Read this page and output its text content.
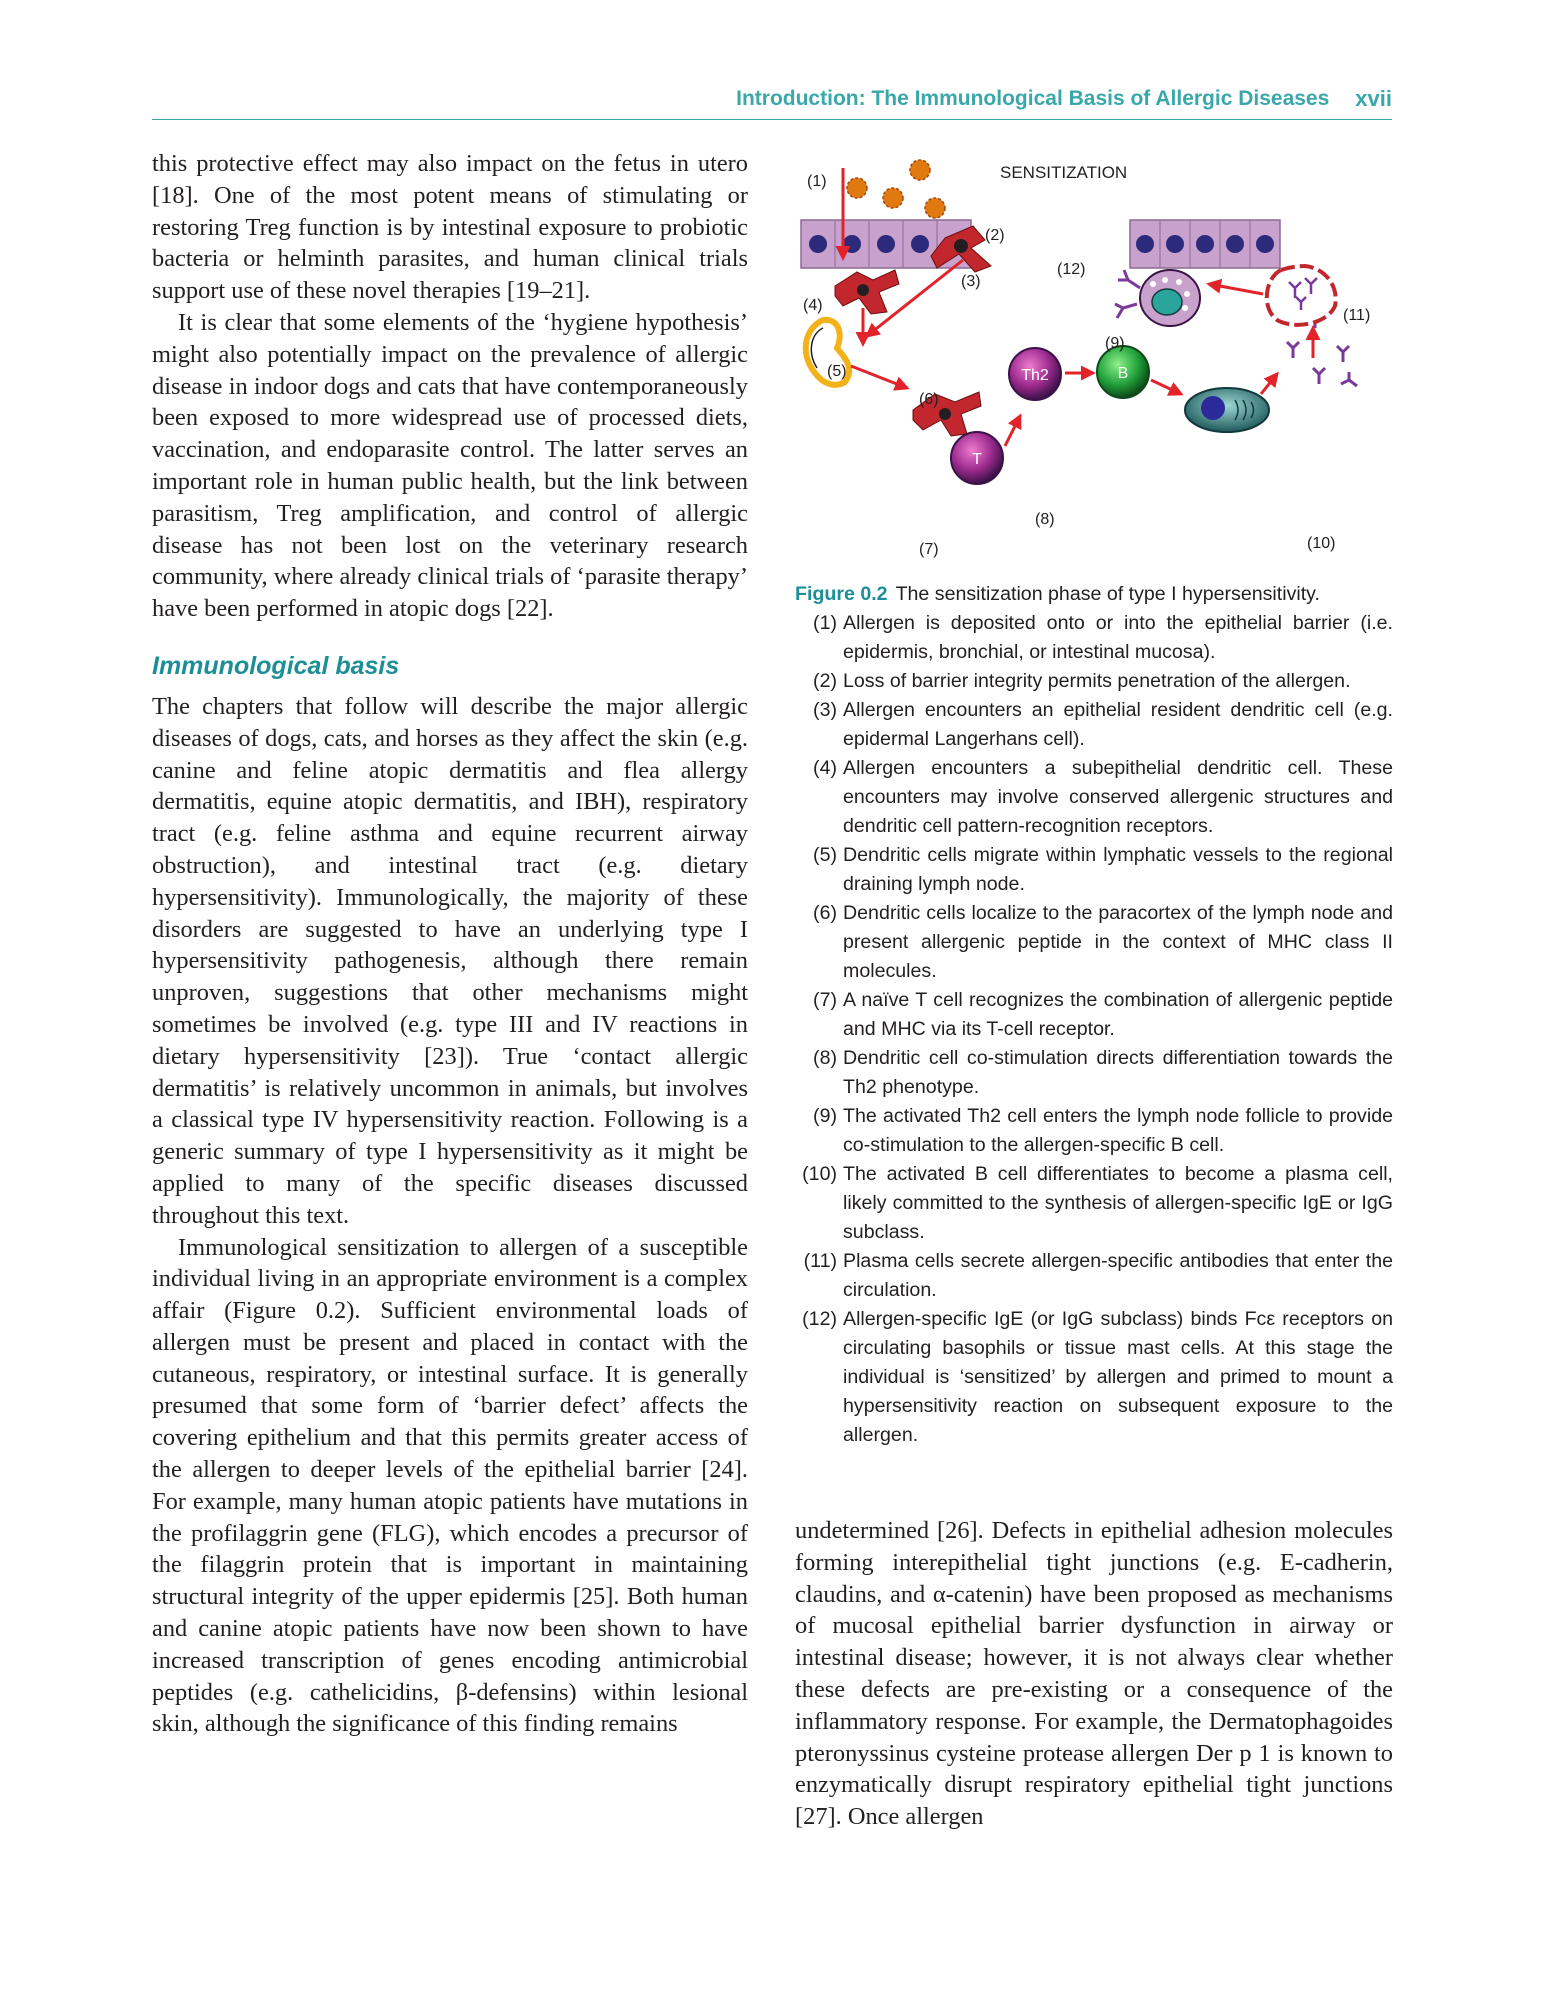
Introduction: The Immunological Basis of Allergic Diseases xvii

this protective effect may also impact on the fetus in utero [18]. One of the most potent means of stimulating or restoring Treg function is by intestinal exposure to probiotic bacteria or helminth parasites, and human clinical trials support use of these novel therapies [19–21].

It is clear that some elements of the ‘hygiene hypothesis’ might also potentially impact on the prevalence of allergic disease in indoor dogs and cats that have contemporaneously been exposed to more widespread use of processed diets, vaccination, and endoparasite control. The latter serves an important role in human public health, but the link between parasitism, Treg amplification, and control of allergic disease has not been lost on the veterinary research community, where already clinical trials of ‘parasite therapy’ have been performed in atopic dogs [22].

Immunological basis

The chapters that follow will describe the major allergic diseases of dogs, cats, and horses as they affect the skin (e.g. canine and feline atopic dermatitis and flea allergy dermatitis, equine atopic dermatitis, and IBH), respiratory tract (e.g. feline asthma and equine recurrent airway obstruction), and intestinal tract (e.g. dietary hypersensitivity). Immunologically, the majority of these disorders are suggested to have an underlying type I hypersensitivity pathogenesis, although there remain unproven, suggestions that other mechanisms might sometimes be involved (e.g. type III and IV reactions in dietary hypersensitivity [23]). True ‘contact allergic dermatitis’ is relatively uncommon in animals, but involves a classical type IV hypersensitivity reaction. Following is a generic summary of type I hypersensitivity as it might be applied to many of the specific diseases discussed throughout this text.

Immunological sensitization to allergen of a susceptible individual living in an appropriate environment is a complex affair (Figure 0.2). Sufficient environmental loads of allergen must be present and placed in contact with the cutaneous, respiratory, or intestinal surface. It is generally presumed that some form of ‘barrier defect’ affects the covering epithelium and that this permits greater access of the allergen to deeper levels of the epithelial barrier [24]. For example, many human atopic patients have mutations in the profilaggrin gene (FLG), which encodes a precursor of the filaggrin protein that is important in maintaining structural integrity of the upper epidermis [25]. Both human and canine atopic patients have now been shown to have increased transcription of genes encoding antimicrobial peptides (e.g. cathelicidins, β-defensins) within lesional skin, although the significance of this finding remains

SENSITIZATION
T
Th2	B
(1)
(2)
(3)
(4)
(5)
(6)
(7)
(8)
(9)
(10)
(11)
(12)
Figure 0.2 The sensitization phase of type I hypersensitivity.
(1) Allergen is deposited onto or into the epithelial barrier (i.e. epidermis, bronchial, or intestinal mucosa).
(2) Loss of barrier integrity permits penetration of the allergen.
(3) Allergen encounters an epithelial resident dendritic cell (e.g. epidermal Langerhans cell).
(4) Allergen encounters a subepithelial dendritic cell. These encounters may involve conserved allergenic structures and dendritic cell pattern-recognition receptors.
(5) Dendritic cells migrate within lymphatic vessels to the regional draining lymph node.
(6) Dendritic cells localize to the paracortex of the lymph node and present allergenic peptide in the context of MHC class II molecules.
(7) A naïve T cell recognizes the combination of allergenic peptide and MHC via its T-cell receptor.
(8) Dendritic cell co-stimulation directs differentiation towards the Th2 phenotype.
(9) The activated Th2 cell enters the lymph node follicle to provide co-stimulation to the allergen-specific B cell.
(10) The activated B cell differentiates to become a plasma cell, likely committed to the synthesis of allergen-specific IgE or IgG subclass.
(11) Plasma cells secrete allergen-specific antibodies that enter the circulation.
(12) Allergen-specific IgE (or IgG subclass) binds Fcε receptors on circulating basophils or tissue mast cells. At this stage the individual is ‘sensitized’ by allergen and primed to mount a hypersensitivity reaction on subsequent exposure to the allergen.

undetermined [26]. Defects in epithelial adhesion molecules forming interepithelial tight junctions (e.g. E-cadherin, claudins, and α-catenin) have been proposed as mechanisms of mucosal epithelial barrier dysfunction in airway or intestinal disease; however, it is not always clear whether these defects are pre-existing or a consequence of the inflammatory response. For example, the Dermatophagoides pteronyssinus cysteine protease allergen Der p 1 is known to enzymatically disrupt respiratory epithelial tight junctions [27]. Once allergen
